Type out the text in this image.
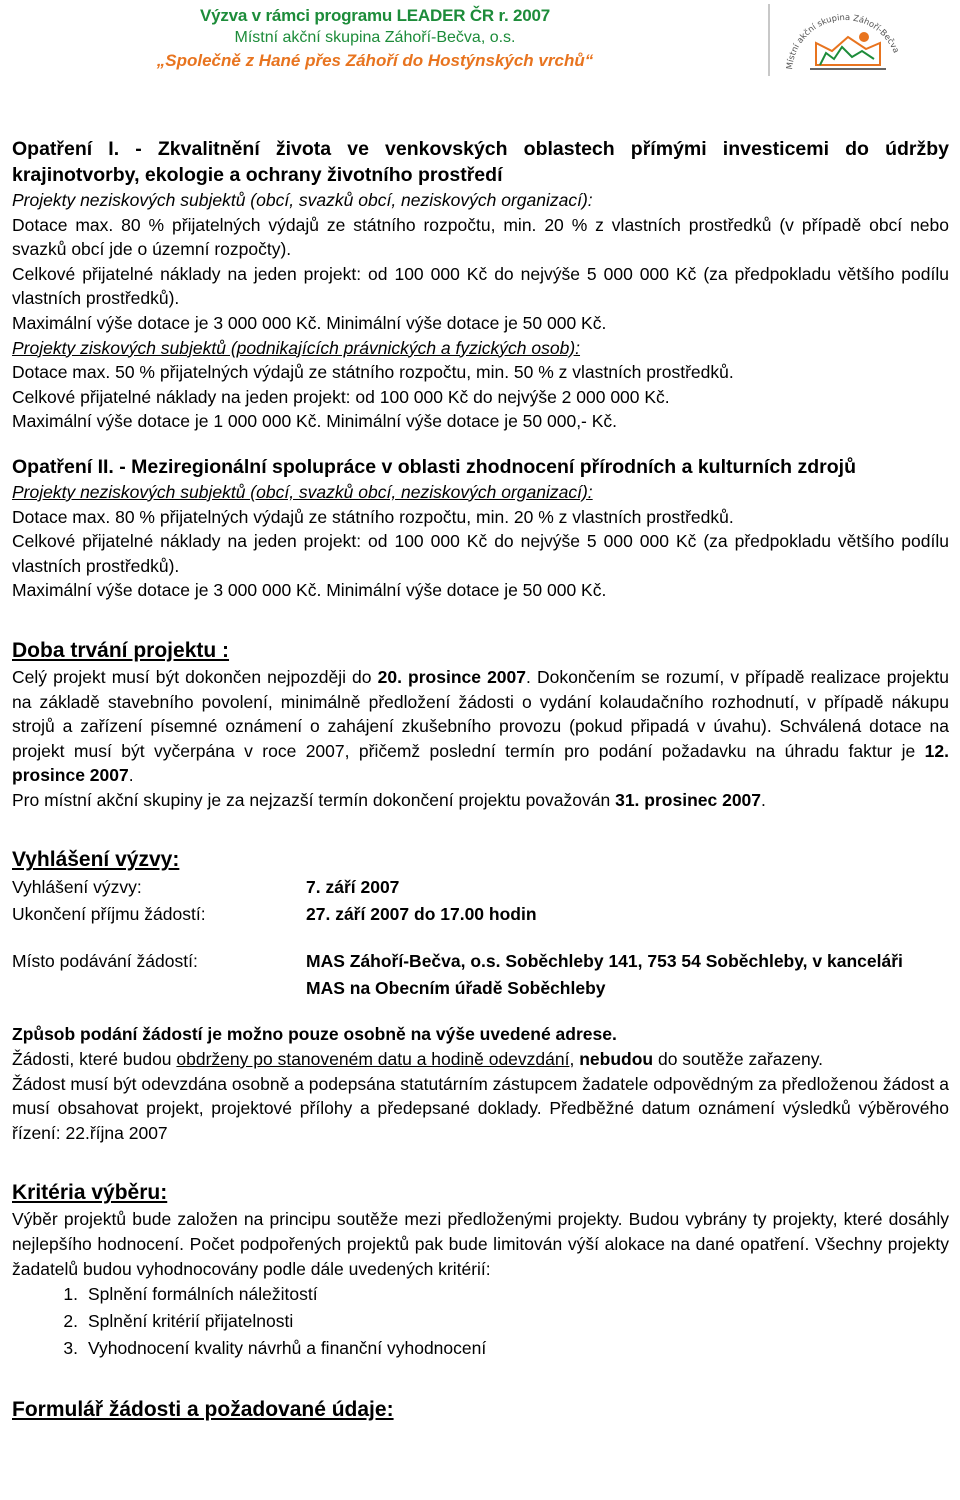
Výzva v rámci programu LEADER ČR r. 2007
Místní akční skupina Záhoří-Bečva, o.s.
„Společně z Hané přes Záhoří do Hostýnských vrchů“	Místní akční skupina Záhoří-Bečva

Opatření I. - Zkvalitnění života ve venkovských oblastech přímými investicemi do údržby krajinotvorby, ekologie a ochrany životního prostředí

Projekty neziskových subjektů (obcí, svazků obcí, neziskových organizací):

Dotace max. 80 % přijatelných výdajů ze státního rozpočtu, min. 20 % z vlastních prostředků (v případě obcí nebo svazků obcí jde o územní rozpočty).

Celkové přijatelné náklady na jeden projekt: od 100 000 Kč do nejvýše 5 000 000 Kč (za předpokladu většího podílu vlastních prostředků).

Maximální výše dotace je 3 000 000 Kč. Minimální výše dotace je 50 000 Kč.

Projekty ziskových subjektů (podnikajících právnických a fyzických osob):

Dotace max. 50 % přijatelných výdajů ze státního rozpočtu, min. 50 % z vlastních prostředků.

Celkové přijatelné náklady na jeden projekt: od 100 000 Kč do nejvýše 2 000 000 Kč.

Maximální výše dotace je 1 000 000 Kč. Minimální výše dotace je 50 000,- Kč.

Opatření II. - Meziregionální spolupráce v oblasti zhodnocení přírodních a kulturních zdrojů

Projekty neziskových subjektů (obcí, svazků obcí, neziskových organizací):

Dotace max. 80 % přijatelných výdajů ze státního rozpočtu, min. 20 % z vlastních prostředků.

Celkové přijatelné náklady na jeden projekt: od 100 000 Kč do nejvýše 5 000 000 Kč (za předpokladu většího podílu vlastních prostředků).

Maximální výše dotace je 3 000 000 Kč. Minimální výše dotace je 50 000 Kč.

Doba trvání projektu :

Celý projekt musí být dokončen nejpozději do 20. prosince 2007. Dokončením se rozumí, v případě realizace projektu na základě stavebního povolení, minimálně předložení žádosti o vydání kolaudačního rozhodnutí, v případě nákupu strojů a zařízení písemné oznámení o zahájení zkušebního provozu (pokud připadá v úvahu). Schválená dotace na projekt musí být vyčerpána v roce 2007, přičemž poslední termín pro podání požadavku na úhradu faktur je 12. prosince 2007.

Pro místní akční skupiny je za nejzazší termín dokončení projektu považován 31. prosinec 2007.

Vyhlášení výzvy:

Vyhlášení výzvy:	7. září 2007
Ukončení příjmu žádostí:	27. září 2007 do 17.00 hodin
Místo podávání žádostí:	MAS Záhoří-Bečva, o.s. Soběchleby 141, 753 54 Soběchleby, v kanceláři
MAS na Obecním úřadě Soběchleby

Způsob podání žádostí je možno pouze osobně na výše uvedené adrese.

Žádosti, které budou obdrženy po stanoveném datu a hodině odevzdání, nebudou do soutěže zařazeny.

Žádost musí být odevzdána osobně a podepsána statutárním zástupcem žadatele odpovědným za předloženou žádost a musí obsahovat projekt, projektové přílohy a předepsané doklady. Předběžné datum oznámení výsledků výběrového řízení: 22.října 2007

Kritéria výběru:

Výběr projektů bude založen na principu soutěže mezi předloženými projekty. Budou vybrány ty projekty, které dosáhly nejlepšího hodnocení. Počet podpořených projektů pak bude limitován výší alokace na dané opatření. Všechny projekty žadatelů budou vyhodnocovány podle dále uvedených kritérií:

1. Splnění formálních náležitostí
2. Splnění kritérií přijatelnosti
3. Vyhodnocení kvality návrhů a finanční vyhodnocení

Formulář žádosti a požadované údaje:
